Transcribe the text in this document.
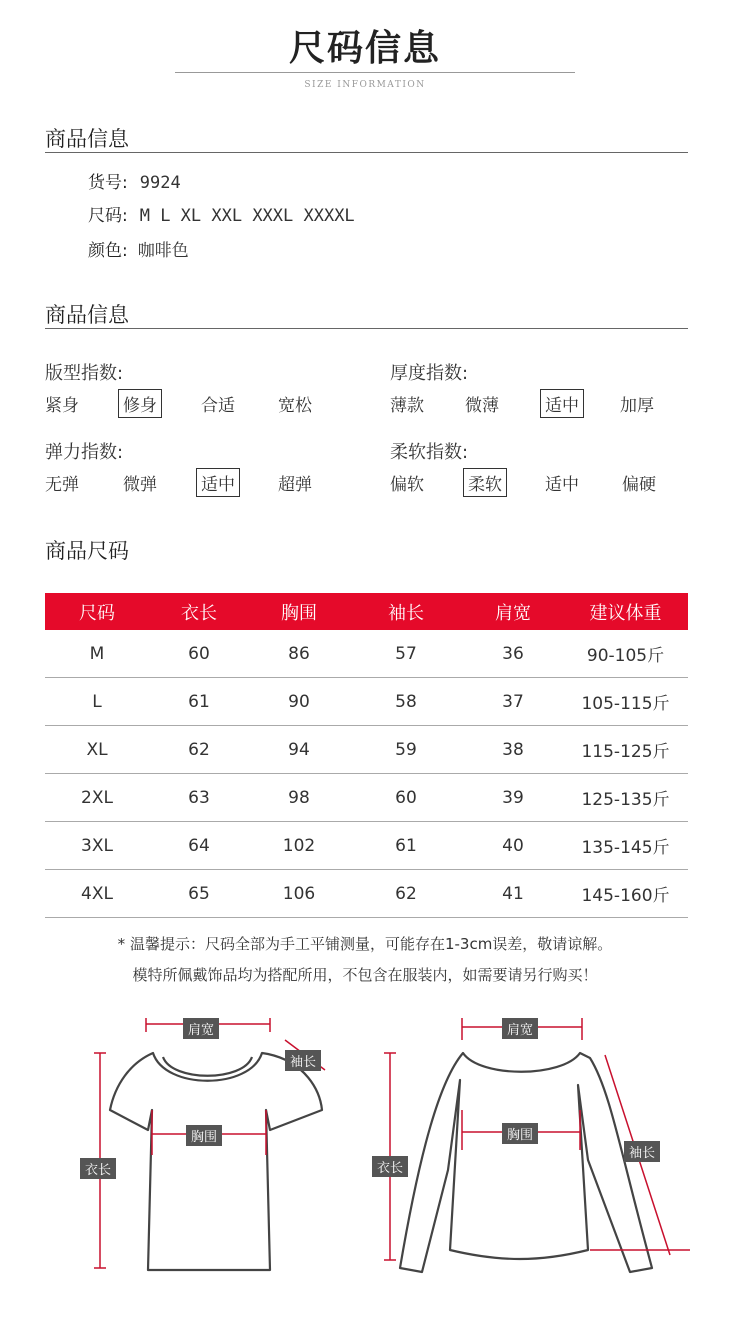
尺码信息
SIZE INFORMATION
商品信息
货号: 9924
尺码: M L XL XXL XXXL XXXXL
颜色: 咖啡色
商品信息
版型指数:
紧身	修身	合适	宽松
厚度指数:
薄款 微薄	适中 加厚
弹力指数:
无弹	微弹	适中	超弹
柔软指数:
偏软	柔软	适中	偏硬
商品尺码
尺码	衣长	胸围	袖长	肩宽	建议体重
M	60	86	57	36	90-105斤
L	61	90	58	37	105-115斤
XL	62	94	59	38	115-125斤
2XL	63	98	60	39	125-135斤
3XL	64	102	61	40	135-145斤
4XL	65	106	62	41	145-160斤
* 温馨提示：尺码全部为手工平铺测量，可能存在1-3cm误差，敬请谅解。
模特所佩戴饰品均为搭配所用，不包含在服装内，如需要请另行购买！
肩宽
袖长
胸围
衣长
肩宽
胸围
衣长
袖长
